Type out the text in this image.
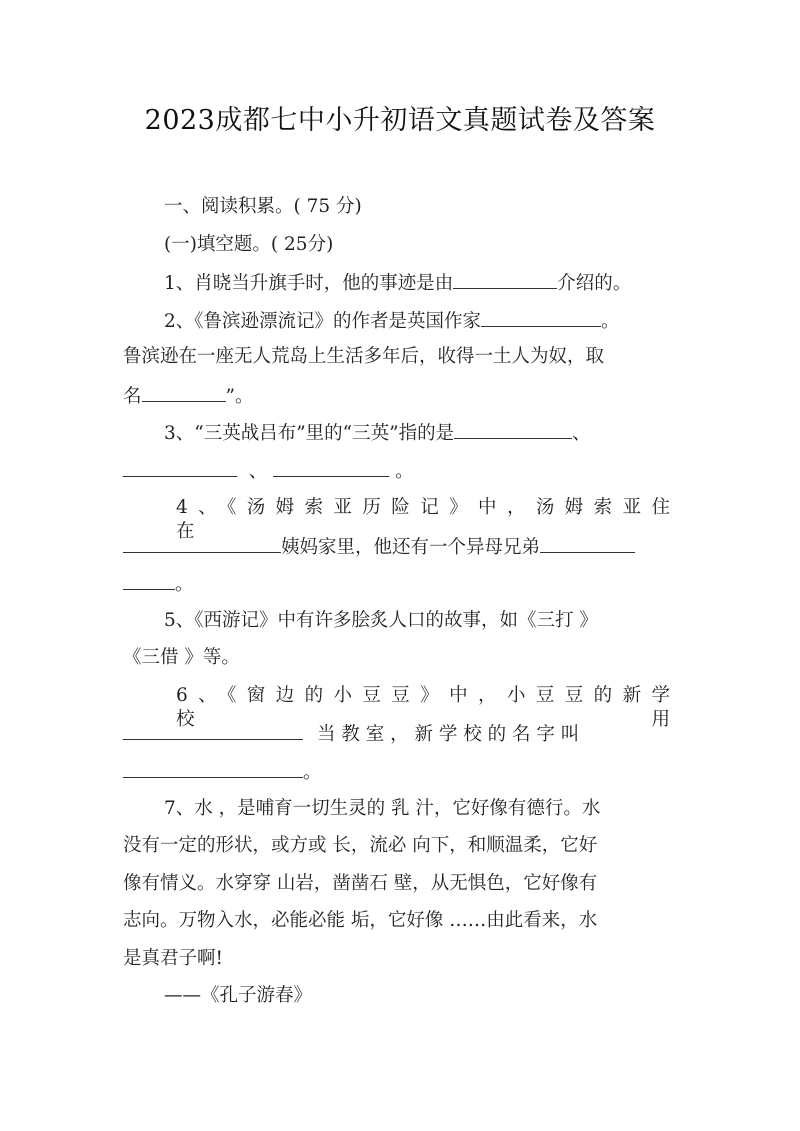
2023成都七中小升初语文真题试卷及答案
一、阅读积累。( 75 分)
(一)填空题。( 25分)
1、肖晓当升旗手时，他的事迹是由	介绍的。
2、《鲁滨逊漂流记》的作者是英国作家	。
鲁滨逊在一座无人荒岛上生活多年后，收得一土人为奴，取
名	”。
3、“三英战吕布”里的“三英”指的是	、
、	。
4、《汤姆索亚历险记》中，汤姆索亚住在
姨妈家里，他还有一个异母兄弟
。
5、《西游记》中有许多脍炙人口的故事，如《三打 》
《三借 》等。
6、《窗边的小豆豆》中，小豆豆的新学校用
当 教 室 ， 新 学 校 的 名 字 叫
。
7、水 ，是哺育一切生灵的 乳 汁，它好像有德行。水
没有一定的形状，或方或 长，流必 向下，和顺温柔，它好
像有情义。水穿穿 山岩，凿凿石 壁，从无惧色，它好像有
志向。万物入水，必能必能 垢，它好像 ……由此看来，水
是真君子啊!
——《孔子游春》
